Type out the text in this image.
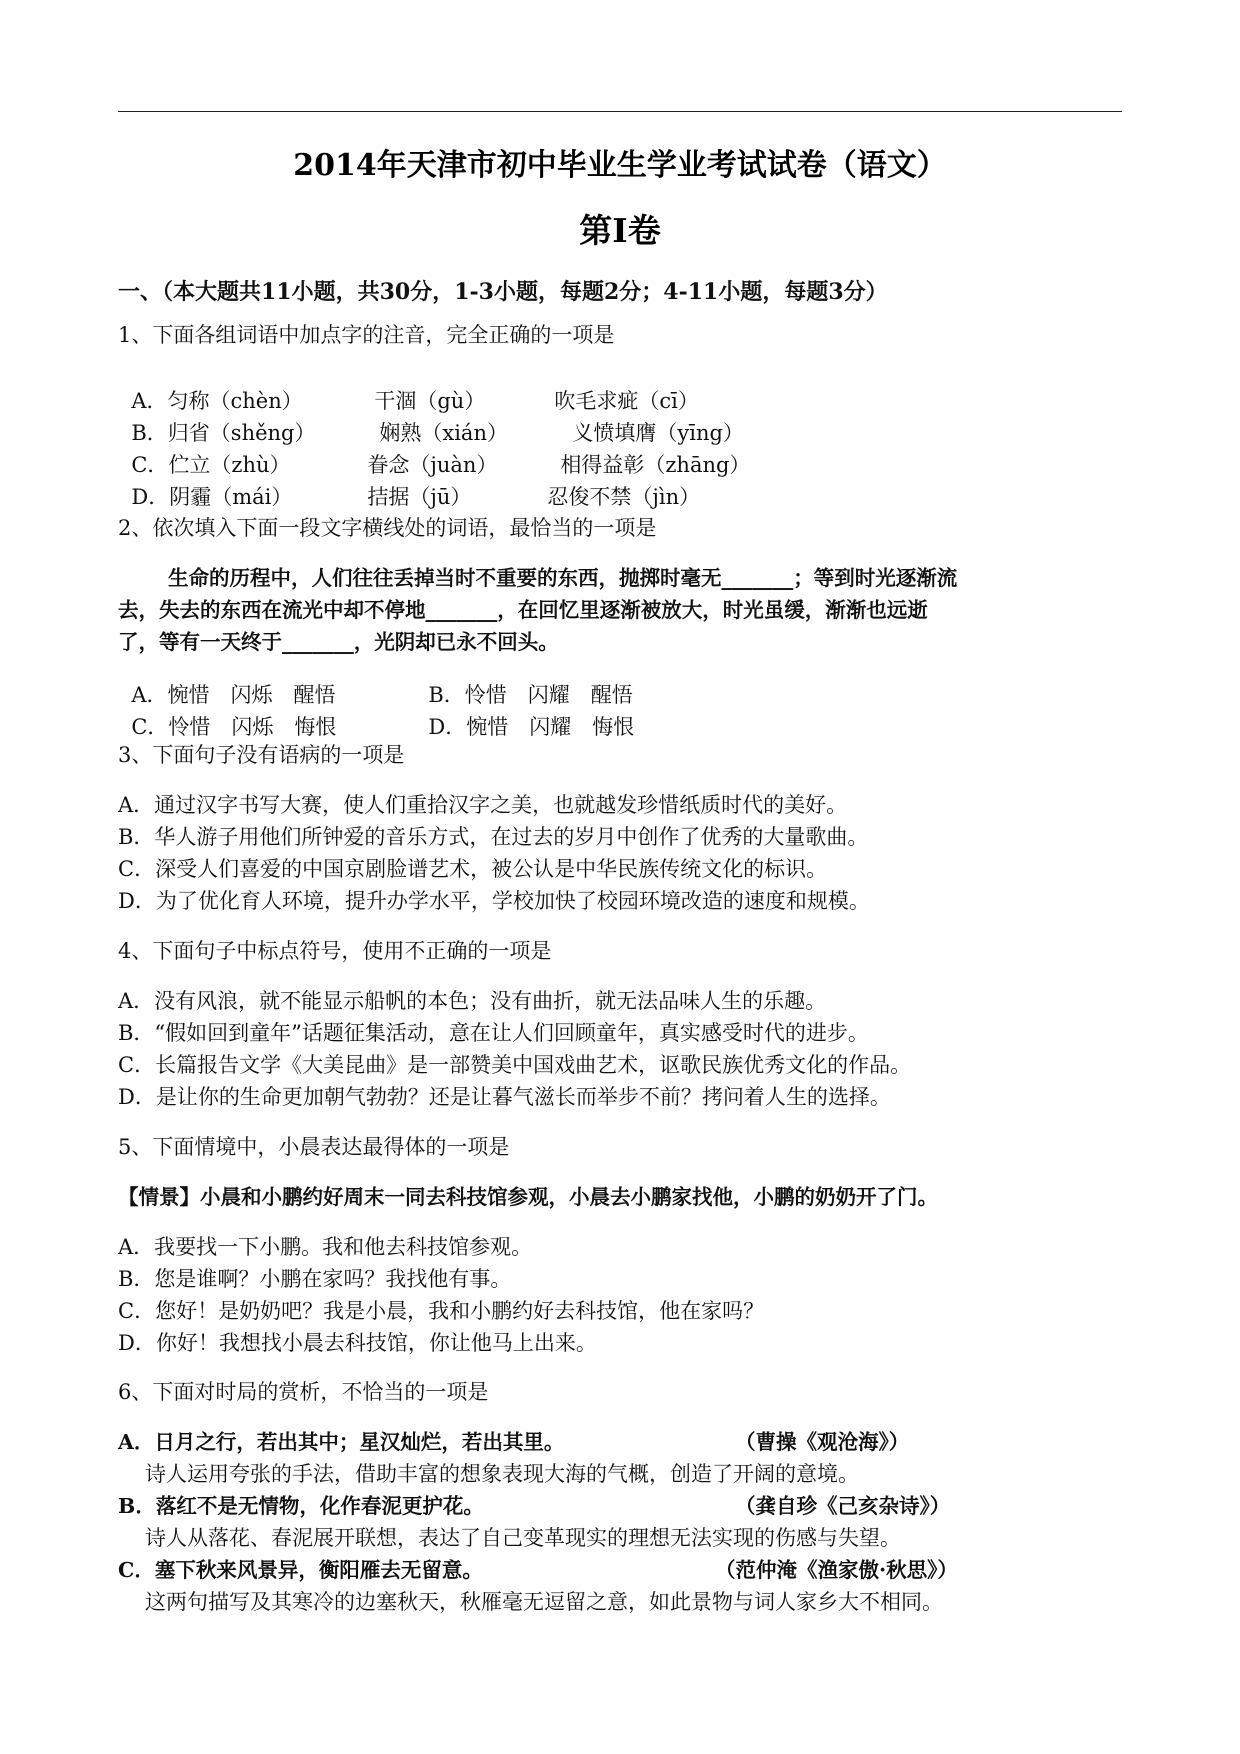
2014年天津市初中毕业生学业考试试卷（语文）
第Ⅰ卷
一、（本大题共11小题，共30分，1-3小题，每题2分；4-11小题，每题3分）
1、下面各组词语中加点字的注音，完全正确的一项是

A．匀称（chèn）	干涸（gù）	吹毛求疵（cī）

B．归省（shěng）	娴熟（xián）	义愤填膺（yīng）

C．伫立（zhù）	眷念（juàn）	相得益彰（zhāng）

D．阴霾（mái）	拮据（jū）	忍俊不禁（jìn）

2、依次填入下面一段文字横线处的词语，最恰当的一项是
生命的历程中，人们往往丢掉当时不重要的东西，抛掷时毫无_______；等到时光逐渐流
去，失去的东西在流光中却不停地_______，在回忆里逐渐被放大，时光虽缓，渐渐也远逝
了，等有一天终于_______，光阴却已永不回头。

A．惋惜　闪烁　醒悟	B．怜惜　闪耀　醒悟

C．怜惜　闪烁　悔恨	D．惋惜　闪耀　悔恨

3、下面句子没有语病的一项是
A．通过汉字书写大赛，使人们重拾汉字之美，也就越发珍惜纸质时代的美好。
B．华人游子用他们所钟爱的音乐方式，在过去的岁月中创作了优秀的大量歌曲。
C．深受人们喜爱的中国京剧脸谱艺术，被公认是中华民族传统文化的标识。
D．为了优化育人环境，提升办学水平，学校加快了校园环境改造的速度和规模。
4、下面句子中标点符号，使用不正确的一项是
A．没有风浪，就不能显示船帆的本色；没有曲折，就无法品味人生的乐趣。
B．“假如回到童年”话题征集活动，意在让人们回顾童年，真实感受时代的进步。
C．长篇报告文学《大美昆曲》是一部赞美中国戏曲艺术，讴歌民族优秀文化的作品。
D．是让你的生命更加朝气勃勃？还是让暮气滋长而举步不前？拷问着人生的选择。
5、下面情境中，小晨表达最得体的一项是
【情景】小晨和小鹏约好周末一同去科技馆参观，小晨去小鹏家找他，小鹏的奶奶开了门。
A．我要找一下小鹏。我和他去科技馆参观。
B．您是谁啊？小鹏在家吗？我找他有事。
C．您好！是奶奶吧？我是小晨，我和小鹏约好去科技馆，他在家吗？
D．你好！我想找小晨去科技馆，你让他马上出来。
6、下面对时局的赏析，不恰当的一项是
A．日月之行，若出其中；星汉灿烂，若出其里。	（曹操《观沧海》）
诗人运用夸张的手法，借助丰富的想象表现大海的气概，创造了开阔的意境。
B．落红不是无情物，化作春泥更护花。	（龚自珍《己亥杂诗》）
诗人从落花、春泥展开联想，表达了自己变革现实的理想无法实现的伤感与失望。
C．塞下秋来风景异，衡阳雁去无留意。	（范仲淹《渔家傲·秋思》）
这两句描写及其寒冷的边塞秋天，秋雁毫无逗留之意，如此景物与词人家乡大不相同。
